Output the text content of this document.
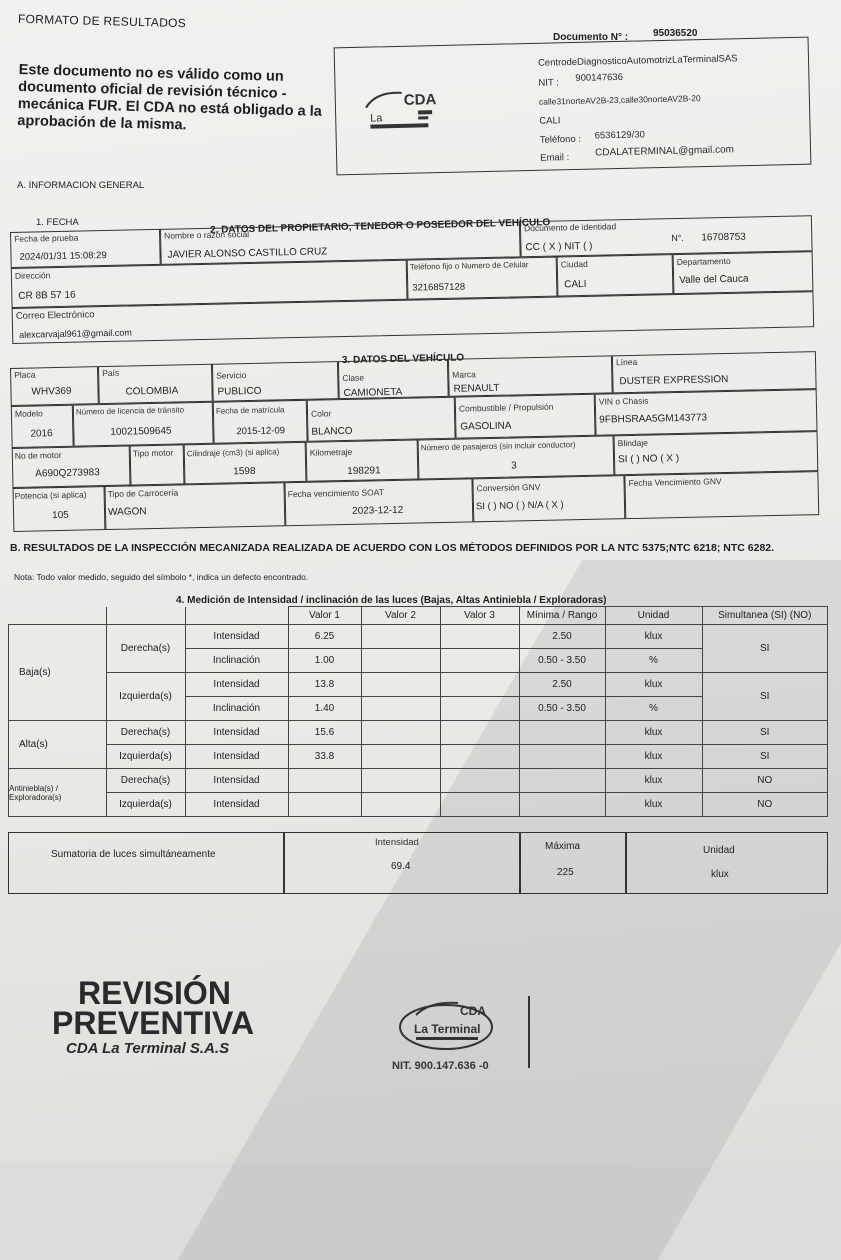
FORMATO DE RESULTADOS
Documento N° : 95036520
Este documento no es válido como un documento oficial de revisión técnico - mecánica FUR. El CDA no está obligado a la aprobación de la misma.
CDA
La
CentrodeDiagnosticoAutomotrizLaTerminalSAS
NIT : 900147636
calle31norteAV2B-23,calle30norteAV2B-20
CALI
Teléfono : 6536129/30
Email :	CDALATERMINAL@gmail.com
A. INFORMACION GENERAL
1. FECHA	2. DATOS DEL PROPIETARIO, TENEDOR O POSEEDOR DEL VEHÍCULO
Fecha de prueba
2024/01/31 15:08:29
Nombre o razón social
JAVIER ALONSO CASTILLO CRUZ
Documento de identidad
CC ( X ) NIT ( )
N°. 16708753
Dirección
CR 8B 57 16
Teléfono fijo o Numero de Celular
3216857128
Ciudad
CALI
Departamento
Valle del Cauca
Correo Electrónico
alexcarvajal961@gmail.com
3. DATOS DEL VEHÍCULO
Placa
WHV369
País
COLOMBIA
Servicio
PUBLICO
Clase
CAMIONETA
Marca
RENAULT
Línea
DUSTER EXPRESSION
Modelo
2016
Número de licencia de tránsito
10021509645
Fecha de matrícula
2015-12-09
Color
BLANCO
Combustible / Propulsión
GASOLINA
VIN o Chasis
9FBHSRAA5GM143773
No de motor
A690Q273983
Tipo motor Cilindraje (cm3) (si aplica)
1598
Kilometraje
198291
Número de pasajeros (sin incluir conductor)
3
Blindaje
SI ( ) NO ( X )
Potencia (si aplica)
105
Tipo de Carrocería
WAGON
Fecha vencimiento SOAT
2023-12-12
Conversión GNV
SI ( ) NO ( ) N/A ( X )
Fecha Vencimiento GNV
B. RESULTADOS DE LA INSPECCIÓN MECANIZADA REALIZADA DE ACUERDO CON LOS MÉTODOS DEFINIDOS POR LA NTC 5375;NTC 6218; NTC 6282.
Nota: Todo valor medido, seguido del símbolo *, indica un defecto encontrado.
4. Medición de Intensidad / inclinación de las luces (Bajas, Altas Antiniebla / Exploradoras)
			Valor 1	Valor 2	Valor 3	Mínima / Rango	Unidad	Simultanea (SI) (NO)
Baja(s)	Derecha(s)	Intensidad	6.25			2.50	klux	SI
		Inclinación	1.00			0.50 - 3.50	%	
	Izquierda(s)	Intensidad	13.8			2.50	klux	SI
		Inclinación	1.40			0.50 - 3.50	%	
Alta(s)	Derecha(s)	Intensidad	15.6				klux	SI
	Izquierda(s)	Intensidad	33.8				klux	SI
Antiniebla(s) / Exploradora(s)	Derecha(s)	Intensidad					klux	NO
	Izquierda(s)	Intensidad					klux	NO
Sumatoria de luces simultáneamente
Intensidad
69.4
Máxima
225
Unidad
klux
REVISIÓN
PREVENTIVA
CDA La Terminal S.A.S
CDA
La Terminal
NIT. 900.147.636 -0
